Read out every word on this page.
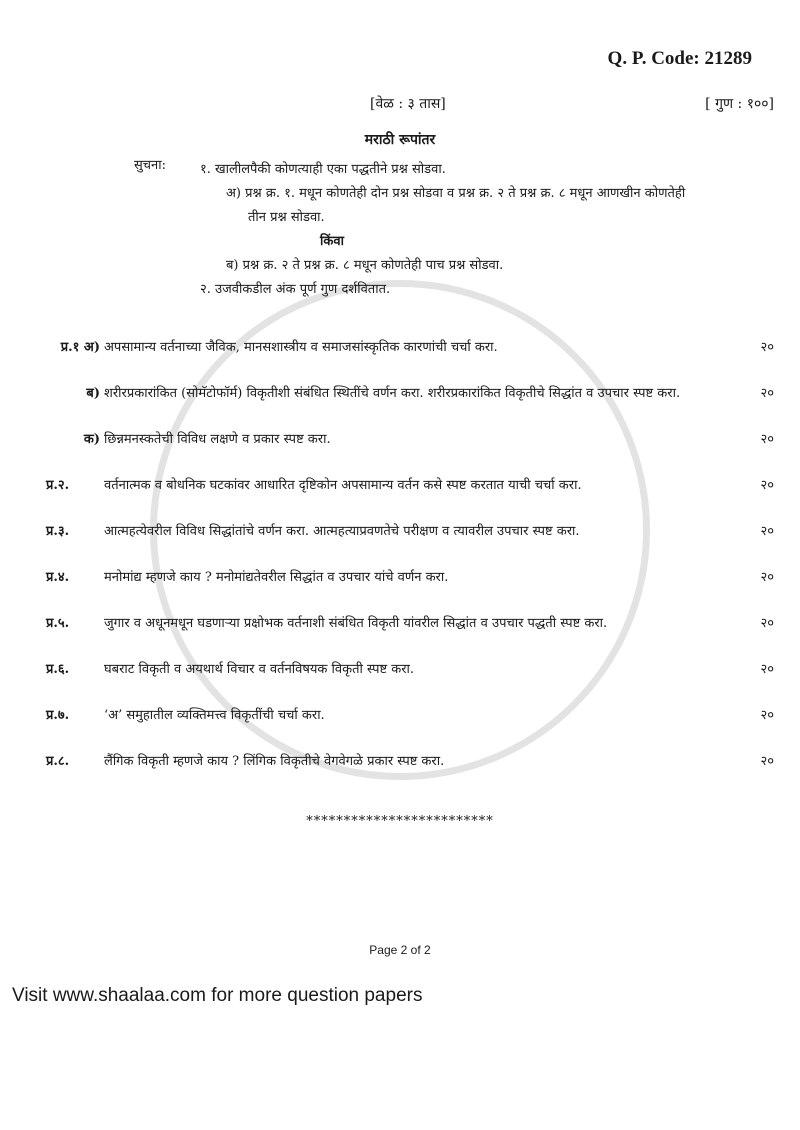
Q. P. Code: 21289
[वेळ : ३ तास]	[ गुण : १००]
मराठी रूपांतर
सुचना:	१. खालीलपैकी कोणत्याही एका पद्धतीने प्रश्न सोडवा.
अ) प्रश्न क्र. १. मधून कोणतेही दोन प्रश्न सोडवा व प्रश्न क्र. २ ते प्रश्न क्र. ८ मधून आणखीन कोणतेही
तीन प्रश्न सोडवा.
किंवा
ब) प्रश्न क्र. २ ते प्रश्न क्र. ८ मधून कोणतेही पाच प्रश्न सोडवा.
२. उजवीकडील अंक पूर्ण गुण दर्शवितात.
प्र.१ अ) अपसामान्य वर्तनाच्या जैविक, मानसशास्त्रीय व समाजसांस्कृतिक कारणांची चर्चा करा.	२०
ब) शरीरप्रकारांकित (सोमॅटोफॉर्म) विकृतीशी संबंधित स्थितींचे वर्णन करा. शरीरप्रकारांकित विकृतीचे सिद्धांत व उपचार स्पष्ट करा.	२०
क) छिन्नमनस्कतेची विविध लक्षणे व प्रकार स्पष्ट करा.	२०
प्र.२.	वर्तनात्मक व बोधनिक घटकांवर आधारित दृष्टिकोन अपसामान्य वर्तन कसे स्पष्ट करतात याची चर्चा करा.	२०
प्र.३.	आत्महत्येवरील विविध सिद्धांतांचे वर्णन करा. आत्महत्याप्रवणतेचे परीक्षण व त्यावरील उपचार स्पष्ट करा.	२०
प्र.४.	मनोमांद्य म्हणजे काय ? मनोमांद्यतेवरील सिद्धांत व उपचार यांचे वर्णन करा.	२०
प्र.५.	जुगार व अधूनमधून घडणाऱ्या प्रक्षोभक वर्तनाशी संबंधित विकृती यांवरील सिद्धांत व उपचार पद्धती स्पष्ट करा.	२०
प्र.६.	घबराट विकृती व अयथार्थ विचार व वर्तनविषयक विकृती स्पष्ट करा.	२०
प्र.७.	‘अ’ समुहातील व्यक्तिमत्त्व विकृतींची चर्चा करा.	२०
प्र.८.	लैंगिक विकृती म्हणजे काय ? लिंगिक विकृतीचे वेगवेगळे प्रकार स्पष्ट करा.	२०
*************************
Page 2 of 2
Visit www.shaalaa.com for more question papers
